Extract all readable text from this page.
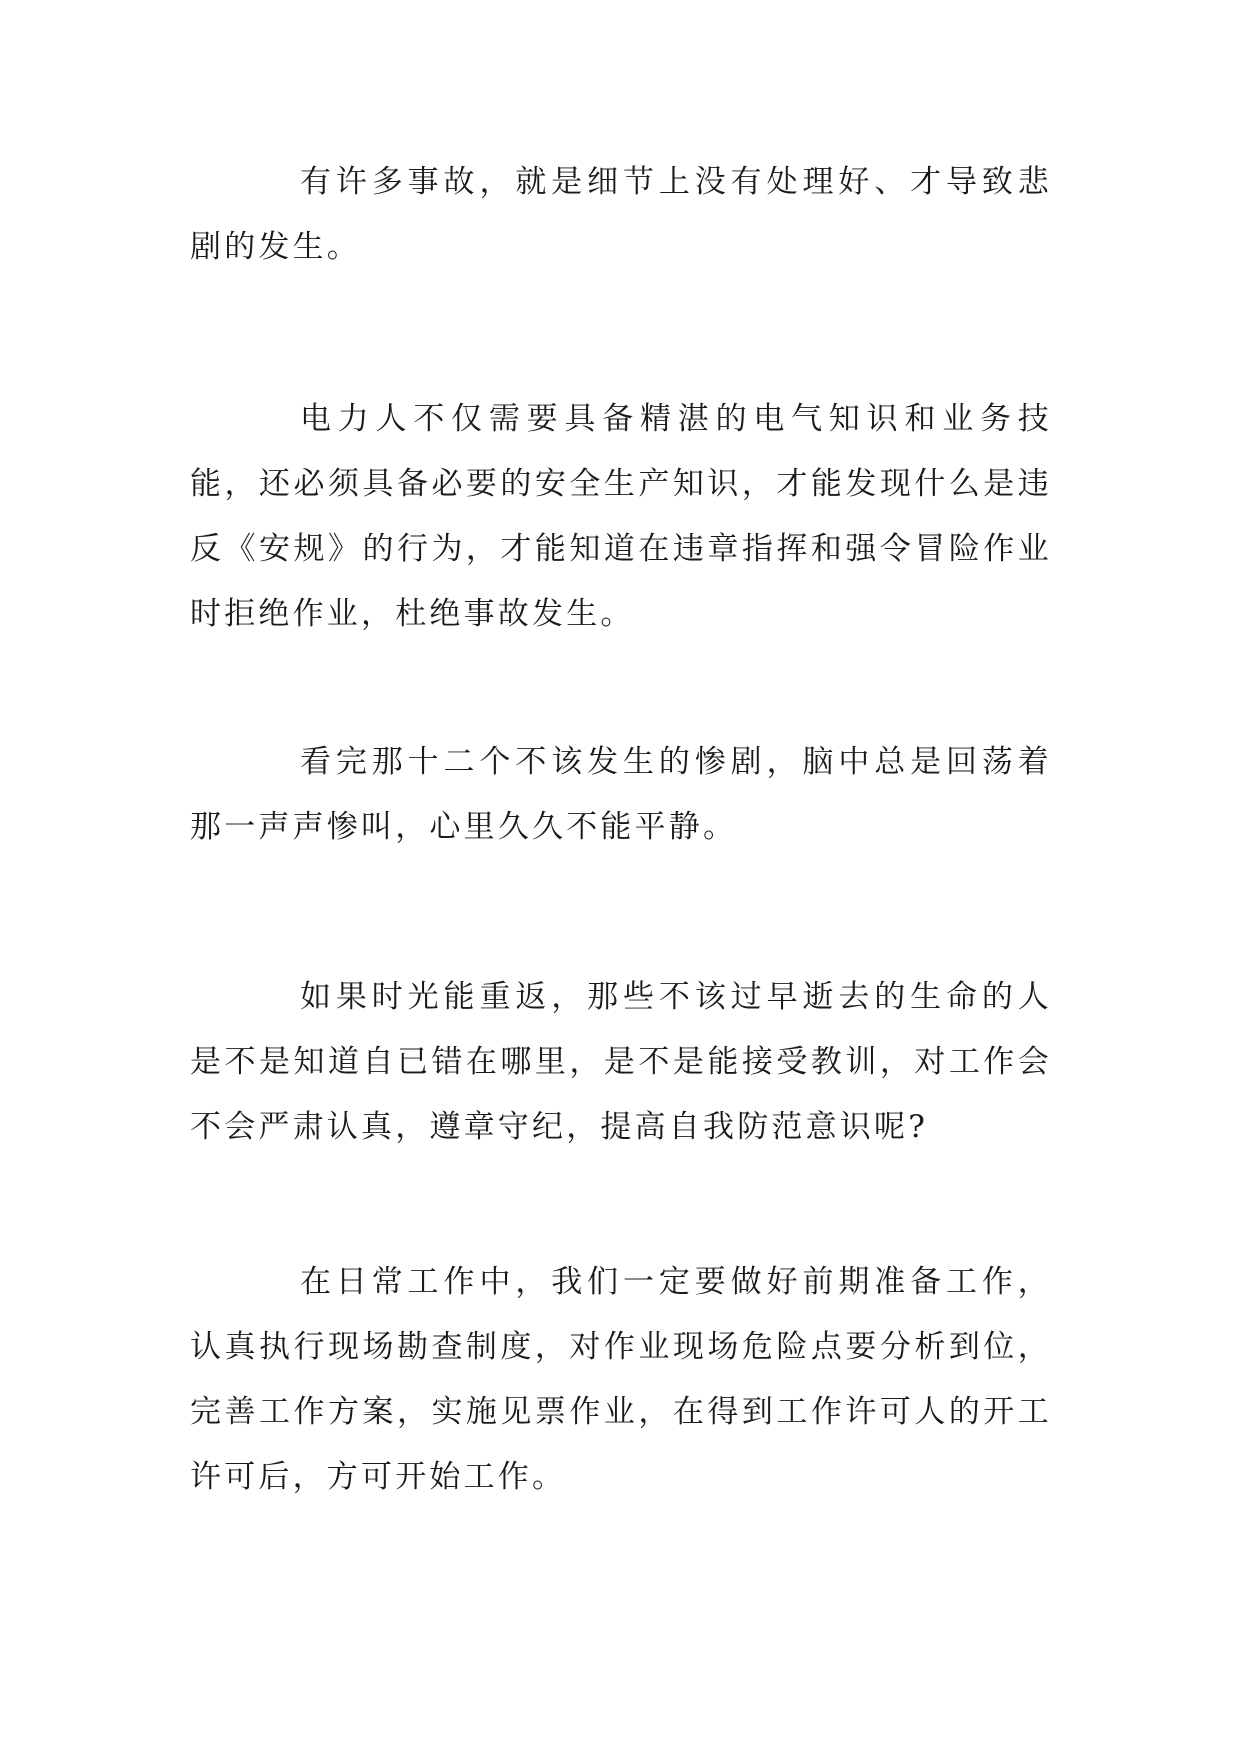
有许多事故，就是细节上没有处理好、才导致悲剧的发生。

电力人不仅需要具备精湛的电气知识和业务技能，还必须具备必要的安全生产知识，才能发现什么是违反《安规》的行为，才能知道在违章指挥和强令冒险作业时拒绝作业，杜绝事故发生。

看完那十二个不该发生的惨剧，脑中总是回荡着那一声声惨叫，心里久久不能平静。

如果时光能重返，那些不该过早逝去的生命的人是不是知道自已错在哪里，是不是能接受教训，对工作会不会严肃认真，遵章守纪，提高自我防范意识呢?

在日常工作中，我们一定要做好前期准备工作，认真执行现场勘查制度，对作业现场危险点要分析到位，完善工作方案，实施见票作业，在得到工作许可人的开工许可后，方可开始工作。
